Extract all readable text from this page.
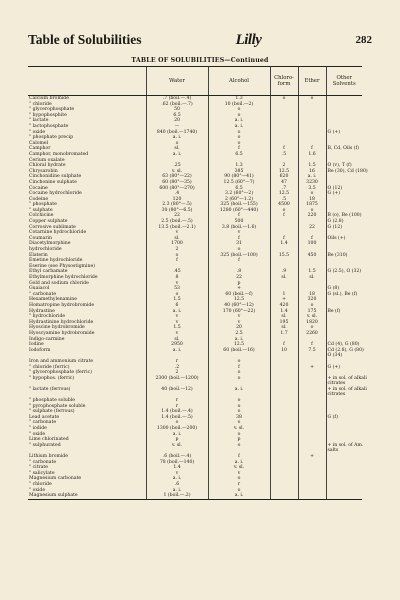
Table of Solubilities	Lilly	282
TABLE OF SOLUBILITIES—Continued
	Water	Alcohol	Chloro-
form	Ether	Other Solvents
Calcium bromide	.7 (boil.—.4)	1.3	o	o	
" chloride	.62 (boil.—.7)	10 (boil.—2)			
" glycerophosphate	50	o			
" hypophosphite	6.5	o			
" lactate	20	a. i.			
" lactophosphate	—	a. i.			
" oxide	840 (boil.—1740)	o			G (+)
" phosphate precip	a. i.	o			
Calomel	o	o			
Camphor	sl.	f	f	f	B, Cd, Oils (f)
Camphor, monobromated	a. i.	6.5	.5	1.6	
Cerium oxalate					
Chloral hydrate	.25	1.3	2	1.5	O (v), T (f)
Chrysarobin	v. sl.	385	12.5	16	Be (30), Cd (180)
Cinchonidine sulphate	63 (80°—22)	90 (80°—41)	620	a. i.	
Cinchonine sulphate	60 (80°—35)	12.5 (60°—7)	47	3230	
Cocaine	600 (80°—270)	6.5	.7	3.5	O (12)
Cocaine hydrochloride	.4	3.2 (60°—2)	12.5	o	G (+)
Codeine	120	2 (60°—1.2)	.5	18	
" phosphate	2.3 (80°—.5)	325 (boil.—155)	4500	1875	
" sulphate	30 (80°—6.5)	1280 (60°—440)	o	o	
Colchicine	22	f	f	220	B (o), Be (100)
Copper sulphate	2.5 (boil.—.5)	500			G (2.8)
Corrosive sublimate	13.5 (boil.—2.1)	3.8 (boil.—1.6)		22	G (12)
Cotarnine hydrochloride	v	v			
Coumarin	sl.	f	f	f	Oils (+)
Diacetylmorphine	1700	31	1.4	100	
hydrochloride	2	o			
Elaterin	o	325 (boil.—100)	15.5	450	Be (310)
Emetine hydrochloride	f	f			
Eserine (see Physostigmine)					
Ethyl carbamate	.45	.8	.9	1.5	G (2.5), O (32)
Ethylmorphine hydrochloride	8	22	sl.	sl.	
Gold and sodium chloride	v	p			
Guaiacol	53	+			G (8)
" carbonate	o	60 (boil.—f)	1	18	G (sl.), Be (f)
Hexamethylenamine	1.5	12.5	+	320	
Homatropine hydrobromide	6	40 (60°—12)	420	o	
Hydrastine	a. i.	170 (60°—22)	1.4	175	Be (f)
" hydrochloride	v	v	sl.	v. sl.	
Hydrastinine hydrochloride	v	v	195	1820	
Hyoscine hydrobromide	1.5	20	sl.	o	
Hyoscyamine hydrobromide	v	2.5	1.7	2260	
Indigo-carmine	sl.	a. i.			
Iodine	2950	12.5	f	f	Cd (4), G (80)
Iodoform	a. i.	60 (boil.—16)	10	7.5	Cd (2.8), G (80)
					O (34)
Iron and ammonium citrate	r	o			
" chloride (ferric)	.2	f		+	G (+)
" glycerophosphate (ferric)	2	o			
" hypophos. (ferric)	2300 (boil.—1200)	o			+ in sol. of alkali
					citrates
" lactate (ferrous)	40 (boil.—12)	a. i.			+ in sol. of alkali
					citrates
" phosphate soluble	r	o			
" pyrophosphate soluble	r	o			
" sulphate (ferrous)	1.4 (boil.—.4)	o			
Lead acetate	1.4 (boil.—.5)	38			G (f)
" carbonate	o	o			
" iodide	1300 (boil.—200)	v. sl.			
" oxide	a. i.	o			
Lime chlorinated	p	p			
" sulphurated	v. sl.	o			+ in sol. of Am.
					salts
Lithium bromide	.6 (boil.—.4)	f		+	
" carbonate	78 (boil.—140)	a. i.			
" citrate	1.4	v. sl.			
" salicylate	v	v			
Magnesium carbonate	a. i.	o			
" chloride	.6	r			
" oxide	a. i.	o			
Magnesium sulphate	1 (boil.—.2)	a. i.			
